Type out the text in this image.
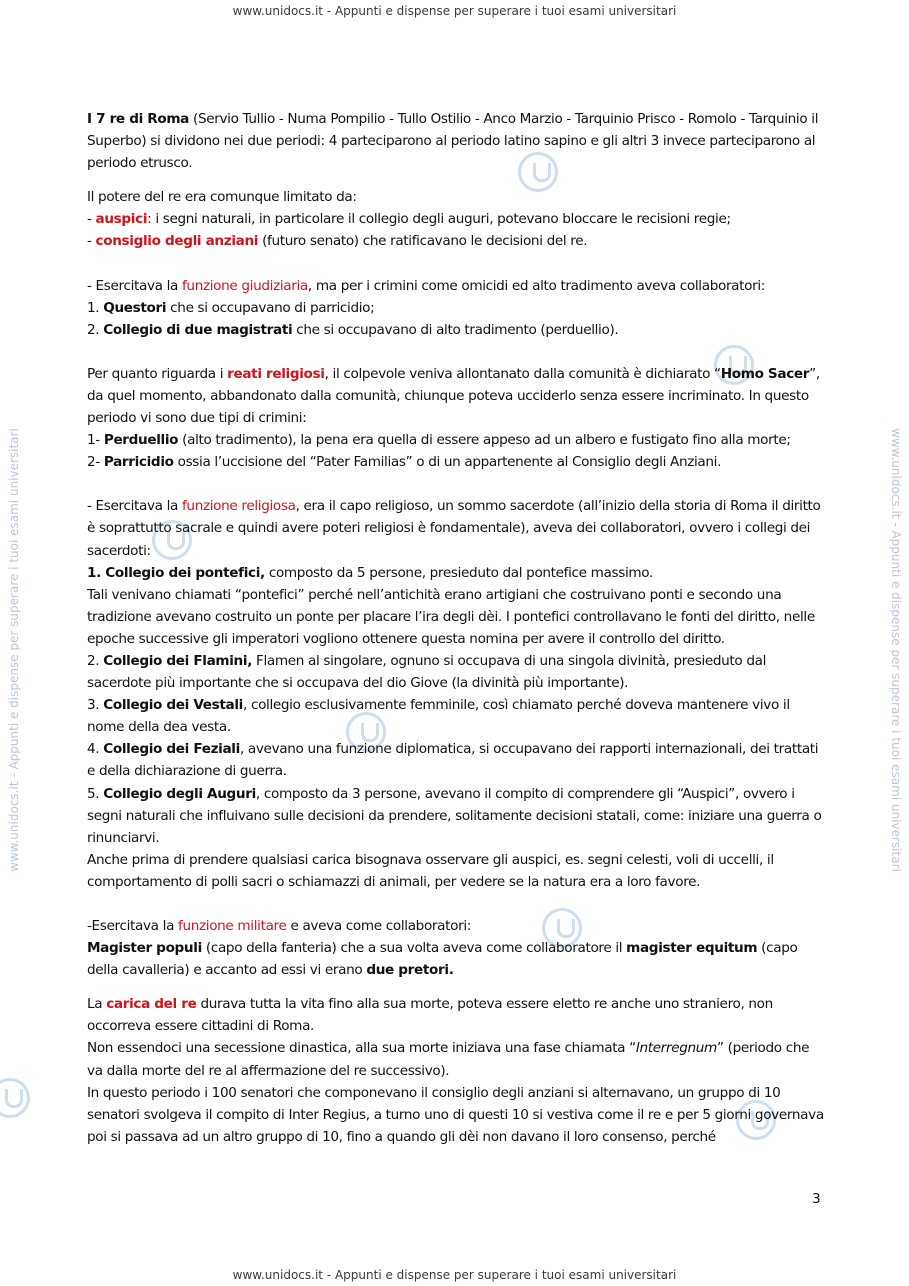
www.unidocs.it - Appunti e dispense per superare i tuoi esami universitari
www.unidocs.it - Appunti e dispense per superare i tuoi esami universitari
www.unidocs.it - Appunti e dispense per superare i tuoi esami universitari	www.unidocs.it - Appunti e dispense per superare i tuoi esami universitari

I 7 re di Roma (Servio Tullio - Numa Pompilio - Tullo Ostilio - Anco Marzio - Tarquinio Prisco - Romolo - Tarquinio il Superbo) si dividono nei due periodi: 4 parteciparono al periodo latino sapino e gli altri 3 invece parteciparono al periodo etrusco.

Il potere del re era comunque limitato da:
- auspici: i segni naturali, in particolare il collegio degli auguri, potevano bloccare le recisioni regie;
- consiglio degli anziani (futuro senato) che ratificavano le decisioni del re.

- Esercitava la funzione giudiziaria, ma per i crimini come omicidi ed alto tradimento aveva collaboratori:
1. Questori che si occupavano di parricidio;
2. Collegio di due magistrati che si occupavano di alto tradimento (perduellio).

Per quanto riguarda i reati religiosi, il colpevole veniva allontanato dalla comunità è dichiarato “Homo Sacer”, da quel momento, abbandonato dalla comunità, chiunque poteva ucciderlo senza essere incriminato. In questo periodo vi sono due tipi di crimini:
1- Perduellio (alto tradimento), la pena era quella di essere appeso ad un albero e fustigato fino alla morte;
2- Parricidio ossia l’uccisione del “Pater Familias” o di un appartenente al Consiglio degli Anziani.

- Esercitava la funzione religiosa, era il capo religioso, un sommo sacerdote (all’inizio della storia di Roma il diritto è soprattutto sacrale e quindi avere poteri religiosi è fondamentale), aveva dei collaboratori, ovvero i collegi dei sacerdoti:
1. Collegio dei pontefici, composto da 5 persone, presieduto dal pontefice massimo.
Tali venivano chiamati “pontefici” perché nell’antichità erano artigiani che costruivano ponti e secondo una tradizione avevano costruito un ponte per placare l’ira degli dèi. I pontefici controllavano le fonti del diritto, nelle epoche successive gli imperatori vogliono ottenere questa nomina per avere il controllo del diritto.
2. Collegio dei Flamini, Flamen al singolare, ognuno si occupava di una singola divinità, presieduto dal sacerdote più importante che si occupava del dio Giove (la divinità più importante).
3. Collegio dei Vestali, collegio esclusivamente femminile, così chiamato perché doveva mantenere vivo il nome della dea vesta.
4. Collegio dei Feziali, avevano una funzione diplomatica, si occupavano dei rapporti internazionali, dei trattati e della dichiarazione di guerra.
5. Collegio degli Auguri, composto da 3 persone, avevano il compito di comprendere gli “Auspici”, ovvero i segni naturali che influivano sulle decisioni da prendere, solitamente decisioni statali, come: iniziare una guerra o rinunciarvi.
Anche prima di prendere qualsiasi carica bisognava osservare gli auspici, es. segni celesti, voli di uccelli, il comportamento di polli sacri o schiamazzi di animali, per vedere se la natura era a loro favore.

-Esercitava la funzione militare e aveva come collaboratori:
Magister populi (capo della fanteria) che a sua volta aveva come collaboratore il magister equitum (capo della cavalleria) e accanto ad essi vi erano due pretori.

La carica del re durava tutta la vita fino alla sua morte, poteva essere eletto re anche uno straniero, non occorreva essere cittadini di Roma.
Non essendoci una secessione dinastica, alla sua morte iniziava una fase chiamata “Interregnum” (periodo che va dalla morte del re al affermazione del re successivo).
In questo periodo i 100 senatori che componevano il consiglio degli anziani si alternavano, un gruppo di 10 senatori svolgeva il compito di Inter Regius, a turno uno di questi 10 si vestiva come il re e per 5 giorni governava poi si passava ad un altro gruppo di 10, fino a quando gli dèi non davano il loro consenso, perché

3
